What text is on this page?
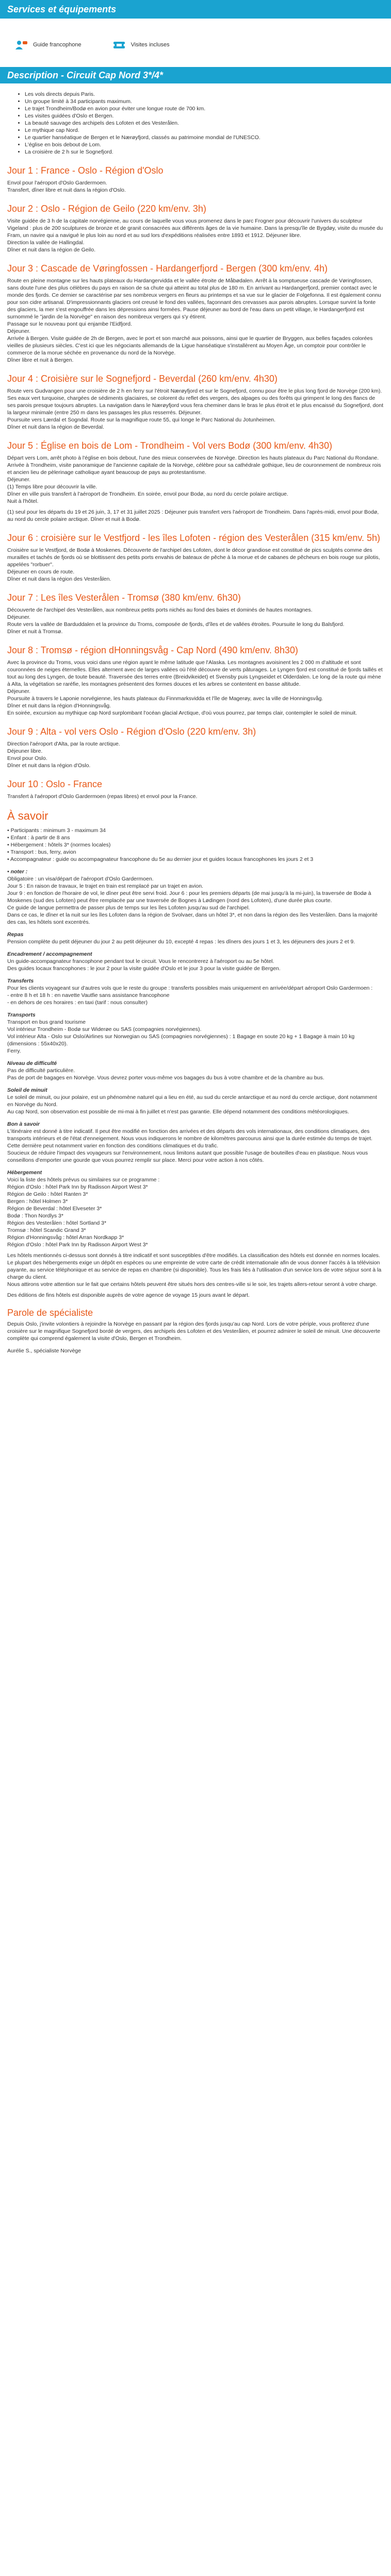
Services et équipements
Guide francophone	Visites incluses
Description - Circuit Cap Nord 3*/4*
• Les vols directs depuis Paris.
• Un groupe limité à 34 participants maximum.
• Le trajet Trondheim/Bodø en avion pour éviter une longue route de 700 km.
• Les visites guidées d'Oslo et Bergen.
• La beauté sauvage des archipels des Lofoten et des Vesterålen.
• Le mythique cap Nord.
• Le quartier hanséatique de Bergen et le Nærøyfjord, classés au patrimoine mondial de l'UNESCO.
• L'église en bois debout de Lom.
• La croisière de 2 h sur le Sognefjord.
Jour 1 : France - Oslo - Région d'Oslo

Envol pour l'aéroport d'Oslo Gardermoen.
Transfert, dîner libre et nuit dans la région d'Oslo.

Jour 2 : Oslo - Région de Geilo (220 km/env. 3h)

Visite guidée de 3 h de la capitale norvégienne, au cours de laquelle vous vous promenez dans le parc Frogner pour découvrir l'univers du sculpteur Vigeland : plus de 200 sculptures de bronze et de granit consacrées aux différents âges de la vie humaine. Dans la presqu'île de Bygdøy, visite du musée du Fram, un navire qui a navigué le plus loin au nord et au sud lors d'expéditions réalisées entre 1893 et 1912. Déjeuner libre.
Direction la vallée de Hallingdal.
Dîner et nuit dans la région de Geilo.

Jour 3 : Cascade de Vøringfossen - Hardangerfjord - Bergen (300 km/env. 4h)

Route en pleine montagne sur les hauts plateaux du Hardangervidda et le vallée étroite de Måbødalen. Arrêt à la somptueuse cascade de Vøringfossen, sans doute l'une des plus célèbres du pays en raison de sa chute qui atteint au total plus de 180 m. En arrivant au Hardangerfjord, premier contact avec le monde des fjords. Ce dernier se caractérise par ses nombreux vergers en fleurs au printemps et sa vue sur le glacier de Folgefonna. Il est également connu pour son cidre artisanal. D'impressionnants glaciers ont creusé le fond des vallées, façonnant des crevasses aux parois abruptes. Lorsque survint la fonte des glaciers, la mer s'est engouffrée dans les dépressions ainsi formées. Pause déjeuner au bord de l'eau dans un petit village, le Hardangerfjord est surnommé le "jardin de la Norvège" en raison des nombreux vergers qui s'y étirent.
Passage sur le nouveau pont qui enjambe l'Eidfjord.
Déjeuner.
Arrivée à Bergen. Visite guidée de 2h de Bergen, avec le port et son marché aux poissons, ainsi que le quartier de Bryggen, aux belles façades colorées vieilles de plusieurs siècles. C'est ici que les négociants allemands de la Ligue hanséatique s'installèrent au Moyen Âge, un comptoir pour contrôler le commerce de la morue séchée en provenance du nord de la Norvège.
Dîner libre et nuit à Bergen.

Jour 4 : Croisière sur le Sognefjord - Beverdal (260 km/env. 4h30)

Route vers Gudvangen pour une croisière de 2 h en ferry sur l'étroit Nærøyfjord et sur le Sognefjord, connu pour être le plus long fjord de Norvège (200 km). Ses eaux vert turquoise, chargées de sédiments glaciaires, se colorent du reflet des vergers, des alpages ou des forêts qui grimpent le long des flancs de ses parois presque toujours abruptes. La navigation dans le Nærøyfjord vous fera cheminer dans le bras le plus étroit et le plus encaissé du Sognefjord, dont la largeur minimale (entre 250 m dans les passages les plus resserrés. Déjeuner.
Poursuite vers Lærdal et Sogndal. Route sur la magnifique route 55, qui longe le Parc National du Jotunheimen.
Dîner et nuit dans la région de Beverdal.

Jour 5 : Église en bois de Lom - Trondheim - Vol vers Bodø (300 km/env. 4h30)

Départ vers Lom, arrêt photo à l'église en bois debout, l'une des mieux conservées de Norvège. Direction les hauts plateaux du Parc National du Rondane. Arrivée à Trondheim, visite panoramique de l'ancienne capitale de la Norvège, célèbre pour sa cathédrale gothique, lieu de couronnement de nombreux rois et ancien lieu de pèlerinage catholique ayant beaucoup de pays au protestantisme.
Déjeuner.
(1) Temps libre pour découvrir la ville.
Dîner en ville puis transfert à l'aéroport de Trondheim. En soirée, envol pour Bodø, au nord du cercle polaire arctique.
Nuit à l'hôtel.

(1) seul pour les départs du 19 et 26 juin, 3, 17 et 31 juillet 2025 : Déjeuner puis transfert vers l'aéroport de Trondheim. Dans l'après-midi, envol pour Bodø, au nord du cercle polaire arctique. Dîner et nuit à Bodø.

Jour 6 : croisière sur le Vestfjord - les îles Lofoten - région des Vesterålen (315 km/env. 5h)

Croisière sur le Vestfjord, de Bodø à Moskenes. Découverte de l'archipel des Lofoten, dont le décor grandiose est constitué de pics sculptés comme des murailles et tachés de fjords où se blottissent des petits ports envahis de bateaux de pêche à la morue et de cabanes de pêcheurs en bois rouge sur pilotis, appelées "rorbuer".
Déjeuner en cours de route.
Dîner et nuit dans la région des Vesterålen.

Jour 7 : Les îles Vesterålen - Tromsø (380 km/env. 6h30)

Découverte de l'archipel des Vesterålen, aux nombreux petits ports nichés au fond des baies et dominés de hautes montagnes.
Déjeuner.
Route vers la vallée de Barduddalen et la province du Troms, composée de fjords, d'îles et de vallées étroites. Poursuite le long du Balsfjord.
Dîner et nuit à Tromsø.

Jour 8 : Tromsø - région dHonningsvåg - Cap Nord (490 km/env. 8h30)

Avec la province du Troms, vous voici dans une région ayant le même latitude que l'Alaska. Les montagnes avoisinent les 2 000 m d'altitude et sont couronnées de neiges éternelles. Elles alternent avec de larges vallées où l'été découvre de verts pâturages. Le Lyngen fjord est constitué de fjords taillés et tout au long des Lyngen, de toute beauté. Traversée des terres entre (Breidvikeidet) et Svensby puis Lyngseidet et Olderdalen. Le long de la route qui mène à Alta, la végétation se raréfie, les montagnes présentent des formes douces et les arbres se contentent en basse altitude.
Déjeuner.
Poursuite à travers le Laponie norvégienne, les hauts plateaux du Finnmarksvidda et l'île de Magerøy, avec la ville de Honningsvåg.
Dîner et nuit dans la région d'Honningsvåg.
En soirée, excursion au mythique cap Nord surplombant l'océan glacial Arctique, d'où vous pourrez, par temps clair, contempler le soleil de minuit.

Jour 9 : Alta - vol vers Oslo - Région d'Oslo (220 km/env. 3h)

Direction l'aéroport d'Alta, par la route arctique.
Déjeuner libre.
Envol pour Oslo.
Dîner et nuit dans la région d'Oslo.

Jour 10 : Oslo - France

Transfert à l'aéroport d'Oslo Gardermoen (repas libres) et envol pour la France.

À savoir

• Participants : minimum 3 - maximum 34
• Enfant : à partir de 8 ans
• Hébergement : hôtels 3* (normes locales)
• Transport : bus, ferry, avion
• Accompagnateur : guide ou accompagnateur francophone du 5e au dernier jour et guides locaux francophones les jours 2 et 3

• noter :

Obligatoire : un visa/départ de l'aéroport d'Oslo Gardermoen.
Jour 5 : En raison de travaux, le trajet en train est remplacé par un trajet en avion.
Jour 9 : en fonction de l'horaire de vol, le dîner peut être servi froid. Jour 6 : pour les premiers départs (de mai jusqu'à la mi-juin), la traversée de Bodø à Moskenes (sud des Lofoten) peut être remplacée par une traversée de Bognes à Lødingen (nord des Lofoten), d'une durée plus courte.
Ce guide de langue permettra de passer plus de temps sur les îles Lofoten jusqu'au sud de l'archipel.
Dans ce cas, le dîner et la nuit sur les îles Lofoten dans la région de Svolvaer, dans un hôtel 3*, et non dans la région des îles Vesterålen. Dans la majorité des cas, les hôtels sont excentrés.

Repas

Pension complète du petit déjeuner du jour 2 au petit déjeuner du 10, excepté 4 repas : les dîners des jours 1 et 3, les déjeuners des jours 2 et 9.

Encadrement / accompagnement

Un guide-accompagnateur francophone pendant tout le circuit. Vous le rencontrerez à l'aéroport ou au 5e hôtel.
Des guides locaux francophones : le jour 2 pour la visite guidée d'Oslo et le jour 3 pour la visite guidée de Bergen.

Transferts

Pour les clients voyageant sur d'autres vols que le reste du groupe : transferts possibles mais uniquement en arrivée/départ aéroport Oslo Gardermoen :
- entre 8 h et 18 h : en navette Vautfie sans assistance francophone
- en dehors de ces horaires : en taxi (tarif : nous consulter)

Transports

Transport en bus grand tourisme
Vol intérieur Trondheim - Bodø sur Widerøe ou SAS (compagnies norvégiennes).
Vol intérieur Alta - Oslo sur Oslo/Airlines sur Norwegian ou SAS (compagnies norvégiennes) : 1 Bagage en soute 20 kg + 1 Bagage à main 10 kg (dimensions : 55x40x20).
Ferry.

Niveau de difficulté

Pas de difficulté particulière.
Pas de port de bagages en Norvège. Vous devrez porter vous-même vos bagages du bus à votre chambre et de la chambre au bus.

Soleil de minuit

Le soleil de minuit, ou jour polaire, est un phénomène naturel qui a lieu en été, au sud du cercle antarctique et au nord du cercle arctique, dont notamment en Norvège du Nord.
Au cap Nord, son observation est possible de mi-mai à fin juillet et n'est pas garantie. Elle dépend notamment des conditions météorologiques.

Bon à savoir

L'itinéraire est donné à titre indicatif. Il peut être modifié en fonction des arrivées et des départs des vols internationaux, des conditions climatiques, des transports intérieurs et de l'état d'enneigement. Nous vous indiquerons le nombre de kilomètres parcourus ainsi que la durée estimée du temps de trajet. Cette dernière peut notamment varier en fonction des conditions climatiques et du trafic.
Soucieux de réduire l'impact des voyageurs sur l'environnement, nous limitons autant que possible l'usage de bouteilles d'eau en plastique. Nous vous conseillons d'emporter une gourde que vous pourrez remplir sur place. Merci pour votre action à nos côtés.

Hébergement

Voici la liste des hôtels prévus ou similaires sur ce programme :
Région d'Oslo : hôtel Park Inn by Radisson Airport West 3*
Région de Geilo : hôtel Ranten 3*
Bergen : hôtel Holmen 3*
Région de Beverdal : hôtel Elveseter 3*
Bodø : Thon Nordlys 3*
Région des Vesterålen : hôtel Sortland 3*
Tromsø : hôtel Scandic Grand 3*
Région d'Honningsvåg : hôtel Arran Nordkapp 3*
Région d'Oslo : hôtel Park Inn by Radisson Airport West 3*

Les hôtels mentionnés ci-dessus sont donnés à titre indicatif et sont susceptibles d'être modifiés. La classification des hôtels est donnée en normes locales.
Le plupart des hébergements exige un dépôt en espèces ou une empreinte de votre carte de crédit internationale afin de vous donner l'accès à la télévision payante, au service téléphonique et au service de repas en chambre (si disponible). Tous les frais liés à l'utilisation d'un service lors de votre séjour sont à la charge du client.
Nous attirons votre attention sur le fait que certains hôtels peuvent être situés hors des centres-ville si le soir, les trajets allers-retour seront à votre charge.

Des éditions de fins hôtels est disponible auprès de votre agence de voyage 15 jours avant le départ.

Parole de spécialiste

Depuis Oslo, j'invite volontiers à rejoindre la Norvège en passant par la région des fjords jusqu'au cap Nord. Lors de votre périple, vous profiterez d'une croisière sur le magnifique Sognefjord bordé de vergers, des archipels des Lofoten et des Vesterålen, et pourrez admirer le soleil de minuit. Une découverte complète qui comprend également la visite d'Oslo, Bergen et Trondheim.

Aurélie S., spécialiste Norvège
